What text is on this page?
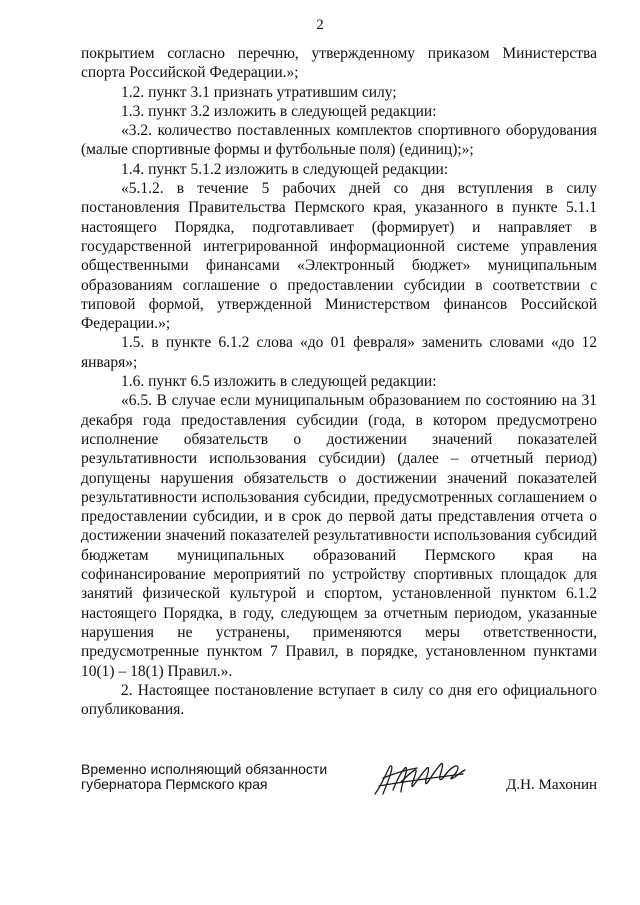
2

покрытием согласно перечню, утвержденному приказом Министерства спорта Российской Федерации.»;

1.2. пункт 3.1 признать утратившим силу;

1.3. пункт 3.2 изложить в следующей редакции:

«3.2. количество поставленных комплектов спортивного оборудования (малые спортивные формы и футбольные поля) (единиц);»;

1.4. пункт 5.1.2 изложить в следующей редакции:

«5.1.2. в течение 5 рабочих дней со дня вступления в силу постановления Правительства Пермского края, указанного в пункте 5.1.1 настоящего Порядка, подготавливает (формирует) и направляет в государственной интегрированной информационной системе управления общественными финансами «Электронный бюджет» муниципальным образованиям соглашение о предоставлении субсидии в соответствии с типовой формой, утвержденной Министерством финансов Российской Федерации.»;

1.5. в пункте 6.1.2 слова «до 01 февраля» заменить словами «до 12 января»;

1.6. пункт 6.5 изложить в следующей редакции:

«6.5. В случае если муниципальным образованием по состоянию на 31 декабря года предоставления субсидии (года, в котором предусмотрено исполнение обязательств о достижении значений показателей результативности использования субсидии) (далее – отчетный период) допущены нарушения обязательств о достижении значений показателей результативности использования субсидии, предусмотренных соглашением о предоставлении субсидии, и в срок до первой даты представления отчета о достижении значений показателей результативности использования субсидий бюджетам муниципальных образований Пермского края на софинансирование мероприятий по устройству спортивных площадок для занятий физической культурой и спортом, установленной пунктом 6.1.2 настоящего Порядка, в году, следующем за отчетным периодом, указанные нарушения не устранены, применяются меры ответственности, предусмотренные пунктом 7 Правил, в порядке, установленном пунктами 10(1) – 18(1) Правил.».

2. Настоящее постановление вступает в силу со дня его официального опубликования.

Временно исполняющий обязанности
губернатора Пермского края	Д.Н. Махонин
